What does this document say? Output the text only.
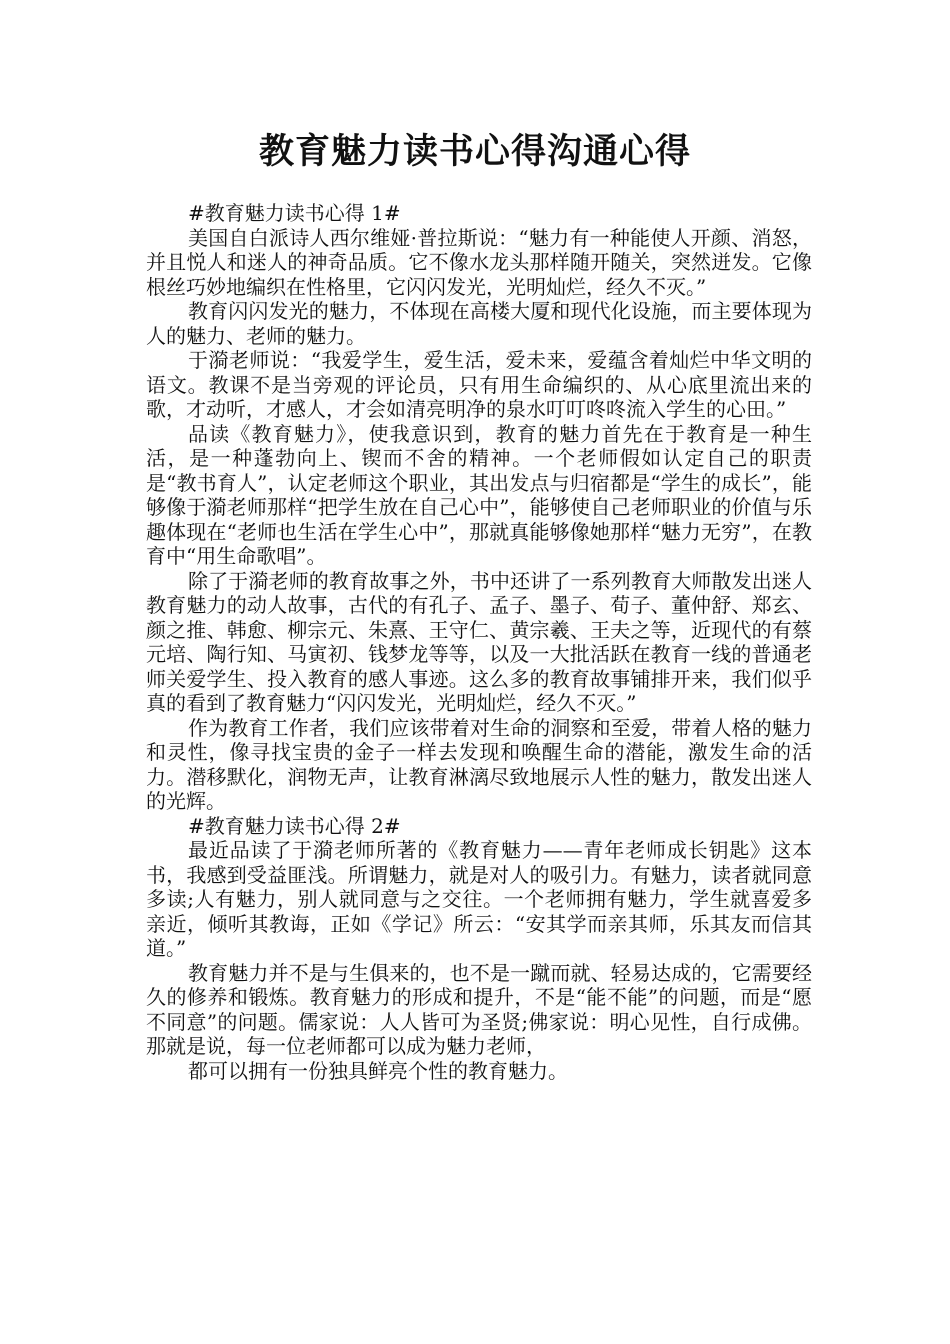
教育魅力读书心得沟通心得

#教育魅力读书心得 1#

美国自白派诗人西尔维娅·普拉斯说：“魅力有一种能使人开颜、消怒，并且悦人和迷人的神奇品质。它不像水龙头那样随开随关，突然迸发。它像根丝巧妙地编织在性格里，它闪闪发光，光明灿烂，经久不灭。”

教育闪闪发光的魅力，不体现在高楼大厦和现代化设施，而主要体现为人的魅力、老师的魅力。

于漪老师说：“我爱学生，爱生活，爱未来，爱蕴含着灿烂中华文明的语文。教课不是当旁观的评论员，只有用生命编织的、从心底里流出来的歌，才动听，才感人，才会如清亮明净的泉水叮叮咚咚流入学生的心田。”

品读《教育魅力》，使我意识到，教育的魅力首先在于教育是一种生活，是一种蓬勃向上、锲而不舍的精神。一个老师假如认定自己的职责是“教书育人”，认定老师这个职业，其出发点与归宿都是“学生的成长”，能够像于漪老师那样“把学生放在自己心中”，能够使自己老师职业的价值与乐趣体现在“老师也生活在学生心中”，那就真能够像她那样“魅力无穷”，在教育中“用生命歌唱”。

除了于漪老师的教育故事之外，书中还讲了一系列教育大师散发出迷人教育魅力的动人故事，古代的有孔子、孟子、墨子、荀子、董仲舒、郑玄、颜之推、韩愈、柳宗元、朱熹、王守仁、黄宗羲、王夫之等，近现代的有蔡元培、陶行知、马寅初、钱梦龙等等，以及一大批活跃在教育一线的普通老师关爱学生、投入教育的感人事迹。这么多的教育故事铺排开来，我们似乎真的看到了教育魅力“闪闪发光，光明灿烂，经久不灭。”

作为教育工作者，我们应该带着对生命的洞察和至爱，带着人格的魅力和灵性，像寻找宝贵的金子一样去发现和唤醒生命的潜能，激发生命的活力。潜移默化，润物无声，让教育淋漓尽致地展示人性的魅力，散发出迷人的光辉。

#教育魅力读书心得 2#

最近品读了于漪老师所著的《教育魅力——青年老师成长钥匙》这本书，我感到受益匪浅。所谓魅力，就是对人的吸引力。有魅力，读者就同意多读;人有魅力，别人就同意与之交往。一个老师拥有魅力，学生就喜爱多亲近，倾听其教诲，正如《学记》所云：“安其学而亲其师，乐其友而信其道。”

教育魅力并不是与生俱来的，也不是一蹴而就、轻易达成的，它需要经久的修养和锻炼。教育魅力的形成和提升，不是“能不能”的问题，而是“愿不同意”的问题。儒家说：人人皆可为圣贤;佛家说：明心见性，自行成佛。那就是说，每一位老师都可以成为魅力老师，

都可以拥有一份独具鲜亮个性的教育魅力。
